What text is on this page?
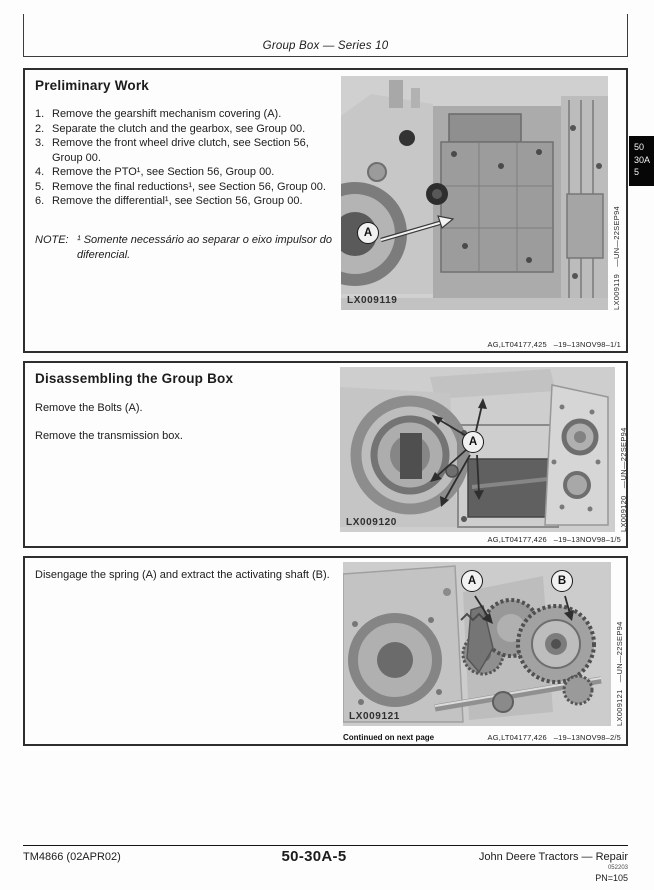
Group Box — Series 10
50
30A
5
Preliminary Work
1. Remove the gearshift mechanism covering (A).
2. Separate the clutch and the gearbox, see Group 00.
3. Remove the front wheel drive clutch, see Section 56, Group 00.
4. Remove the PTO¹, see Section 56, Group 00.
5. Remove the final reductions¹, see Section 56, Group 00.
6. Remove the differential¹, see Section 56, Group 00.
NOTE: ¹ Somente necessário ao separar o eixo impulsor do diferencial.
A
LX009119	LX009119   —UN—22SEP94
AG,LT04177,425   –19–13NOV98–1/1
Disassembling the Group Box
Remove the Bolts (A).
Remove the transmission box.	A
LX009120	LX009120   —UN—22SEP94
AG,LT04177,426   –19–13NOV98–1/5
Disengage the spring (A) and extract the activating shaft (B).	A	B
LX009121	LX009121   —UN—22SEP94
Continued on next page	AG,LT04177,426   –19–13NOV98–2/5
TM4866 (02APR02)	50-30A-5	John Deere Tractors — Repair
052203
PN=105
